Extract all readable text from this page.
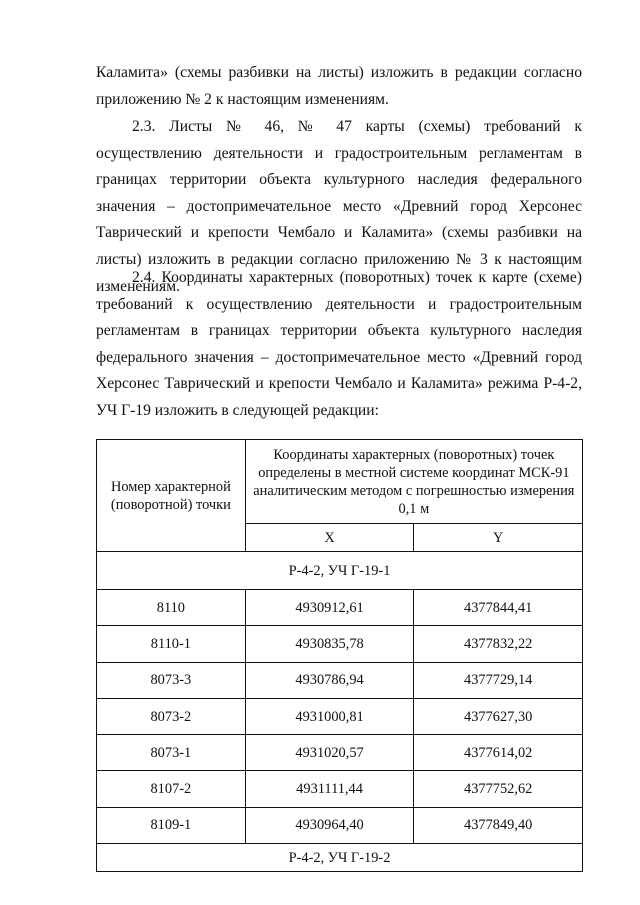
Каламита» (схемы разбивки на листы) изложить в редакции согласно приложению № 2 к настоящим изменениям.

2.3. Листы № 46, № 47 карты (схемы) требований к осуществлению деятельности и градостроительным регламентам в границах территории объекта культурного наследия федерального значения – достопримечательное место «Древний город Херсонес Таврический и крепости Чембало и Каламита» (схемы разбивки на листы) изложить в редакции согласно приложению № 3 к настоящим изменениям.

2.4. Координаты характерных (поворотных) точек к карте (схеме) требований к осуществлению деятельности и градостроительным регламентам в границах территории объекта культурного наследия федерального значения – достопримечательное место «Древний город Херсонес Таврический и крепости Чембало и Каламита» режима Р-4-2, УЧ Г-19 изложить в следующей редакции:

Номер характерной (поворотной) точки	Координаты характерных (поворотных) точек определены в местной системе координат МСК-91 аналитическим методом с погрешностью измерения 0,1 м	
	X	Y
Р-4-2, УЧ Г-19-1		
8110	4930912,61	4377844,41
8110-1	4930835,78	4377832,22
8073-3	4930786,94	4377729,14
8073-2	4931000,81	4377627,30
8073-1	4931020,57	4377614,02
8107-2	4931111,44	4377752,62
8109-1	4930964,40	4377849,40
Р-4-2, УЧ Г-19-2		
